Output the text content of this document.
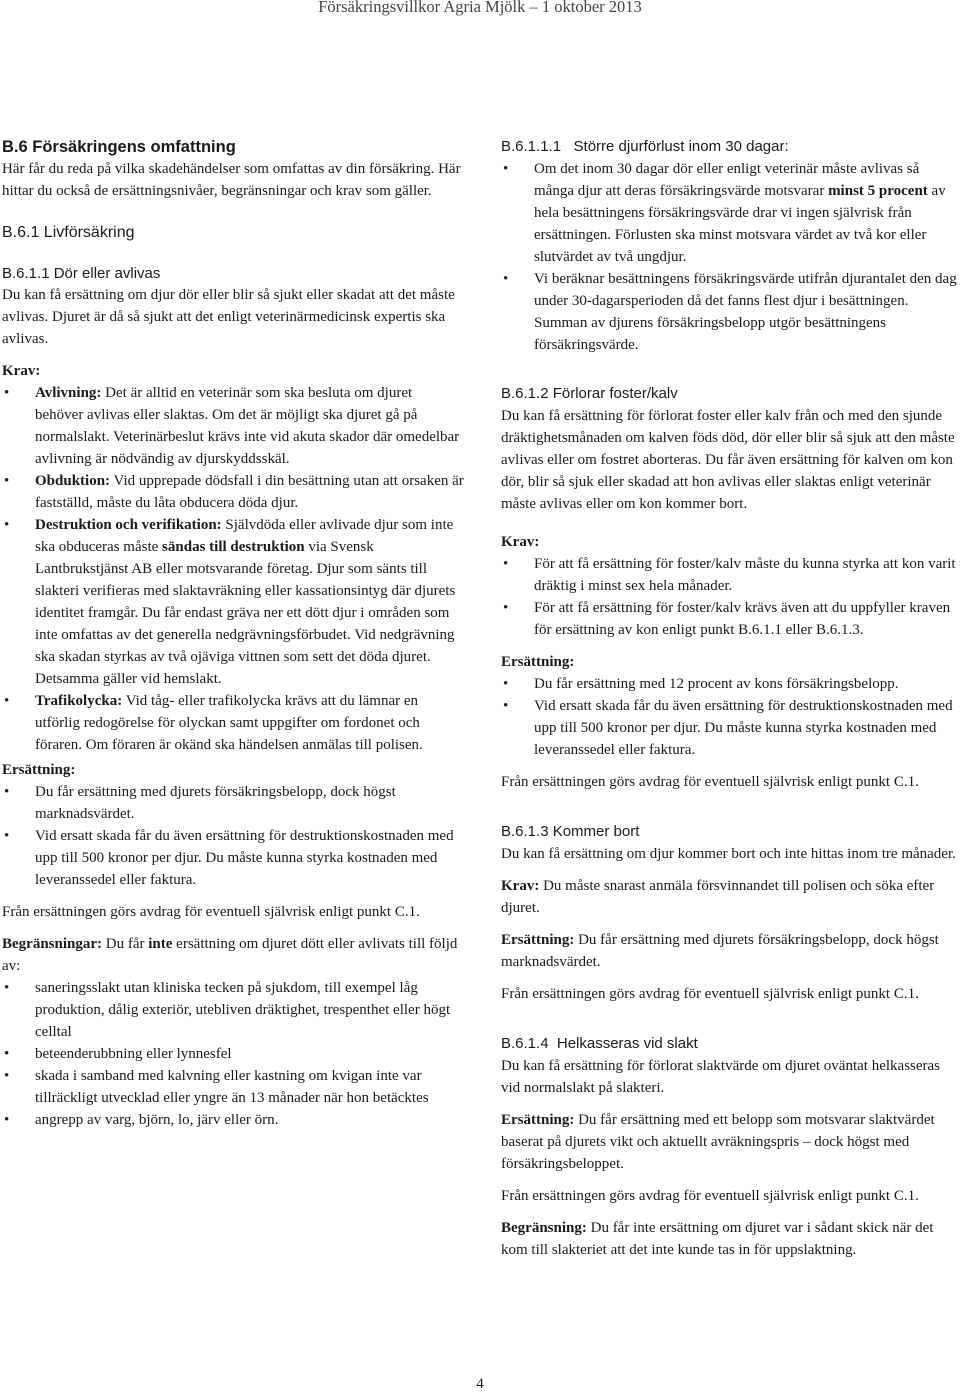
Försäkringsvillkor Agria Mjölk – 1 oktober 2013

B.6 Försäkringens omfattning

Här får du reda på vilka skadehändelser som omfattas av din försäkring. Här hittar du också de ersättningsnivåer, begränsningar och krav som gäller.

B.6.1 Livförsäkring

B.6.1.1 Dör eller avlivas

Du kan få ersättning om djur dör eller blir så sjukt eller skadat att det måste avlivas. Djuret är då så sjukt att det enligt veterinärmedicinsk expertis ska avlivas.

Krav:

• Avlivning: Det är alltid en veterinär som ska besluta om djuret behöver avlivas eller slaktas. Om det är möjligt ska djuret gå på normalslakt. Veterinärbeslut krävs inte vid akuta skador där omedelbar avlivning är nödvändig av djurskyddsskäl.
• Obduktion: Vid upprepade dödsfall i din besättning utan att orsaken är fastställd, måste du låta obducera döda djur.
• Destruktion och verifikation: Självdöda eller avlivade djur som inte ska obduceras måste sändas till destruktion via Svensk Lantbrukstjänst AB eller motsvarande företag. Djur som sänts till slakteri verifieras med slaktavräkning eller kassationsintyg där djurets identitet framgår. Du får endast gräva ner ett dött djur i områden som inte omfattas av det generella nedgrävningsförbudet. Vid nedgrävning ska skadan styrkas av två ojäviga vittnen som sett det döda djuret. Detsamma gäller vid hemslakt.
• Trafikolycka: Vid tåg- eller trafikolycka krävs att du lämnar en utförlig redogörelse för olyckan samt uppgifter om fordonet och föraren. Om föraren är okänd ska händelsen anmälas till polisen.

Ersättning:

• Du får ersättning med djurets försäkringsbelopp, dock högst marknadsvärdet.
• Vid ersatt skada får du även ersättning för destruktionskostnaden med upp till 500 kronor per djur. Du måste kunna styrka kostnaden med leveranssedel eller faktura.

Från ersättningen görs avdrag för eventuell självrisk enligt punkt C.1.

Begränsningar: Du får inte ersättning om djuret dött eller avlivats till följd av:

• saneringsslakt utan kliniska tecken på sjukdom, till exempel låg produktion, dålig exteriör, utebliven dräktighet, trespenthet eller högt celltal
• beteenderubbning eller lynnesfel
• skada i samband med kalvning eller kastning om kvigan inte var tillräckligt utvecklad eller yngre än 13 månader när hon betäcktes
• angrepp av varg, björn, lo, järv eller örn.

B.6.1.1.1   Större djurförlust inom 30 dagar:

• Om det inom 30 dagar dör eller enligt veterinär måste avlivas så många djur att deras försäkringsvärde motsvarar minst 5 procent av hela besättningens försäkringsvärde drar vi ingen självrisk från ersättningen. Förlusten ska minst motsvara värdet av två kor eller slutvärdet av två ungdjur.
• Vi beräknar besättningens försäkringsvärde utifrån djurantalet den dag under 30-dagarsperioden då det fanns flest djur i besättningen. Summan av djurens försäkringsbelopp utgör besättningens försäkringsvärde.

B.6.1.2 Förlorar foster/kalv

Du kan få ersättning för förlorat foster eller kalv från och med den sjunde dräktighetsmånaden om kalven föds död, dör eller blir så sjuk att den måste avlivas eller om fostret aborteras. Du får även ersättning för kalven om kon dör, blir så sjuk eller skadad att hon avlivas eller slaktas enligt veterinär måste avlivas eller om kon kommer bort.

Krav:

• För att få ersättning för foster/kalv måste du kunna styrka att kon varit dräktig i minst sex hela månader.
• För att få ersättning för foster/kalv krävs även att du uppfyller kraven för ersättning av kon enligt punkt B.6.1.1 eller B.6.1.3.

Ersättning:

• Du får ersättning med 12 procent av kons försäkringsbelopp.
• Vid ersatt skada får du även ersättning för destruktionskostnaden med upp till 500 kronor per djur. Du måste kunna styrka kostnaden med leveranssedel eller faktura.

Från ersättningen görs avdrag för eventuell självrisk enligt punkt C.1.

B.6.1.3 Kommer bort

Du kan få ersättning om djur kommer bort och inte hittas inom tre månader.

Krav: Du måste snarast anmäla försvinnandet till polisen och söka efter djuret.

Ersättning: Du får ersättning med djurets försäkringsbelopp, dock högst marknadsvärdet.

Från ersättningen görs avdrag för eventuell självrisk enligt punkt C.1.

B.6.1.4  Helkasseras vid slakt

Du kan få ersättning för förlorat slaktvärde om djuret oväntat helkasseras vid normalslakt på slakteri.

Ersättning: Du får ersättning med ett belopp som motsvarar slaktvärdet baserat på djurets vikt och aktuellt avräkningspris – dock högst med försäkringsbeloppet.

Från ersättningen görs avdrag för eventuell självrisk enligt punkt C.1.

Begränsning: Du får inte ersättning om djuret var i sådant skick när det kom till slakteriet att det inte kunde tas in för uppslaktning.

4
